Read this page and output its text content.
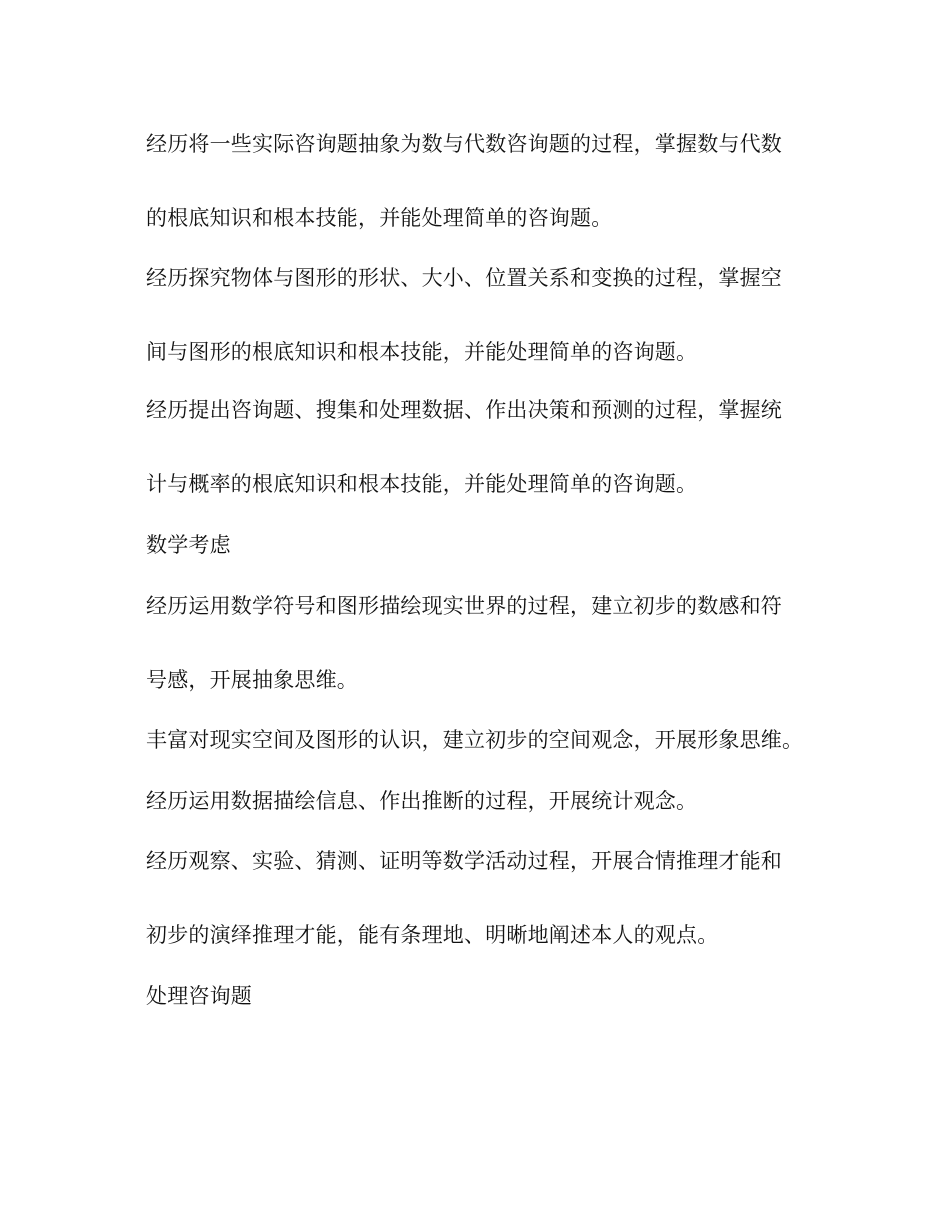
经历将一些实际咨询题抽象为数与代数咨询题的过程，掌握数与代数
的根底知识和根本技能，并能处理简单的咨询题。
经历探究物体与图形的形状、大小、位置关系和变换的过程，掌握空
间与图形的根底知识和根本技能，并能处理简单的咨询题。
经历提出咨询题、搜集和处理数据、作出决策和预测的过程，掌握统
计与概率的根底知识和根本技能，并能处理简单的咨询题。
数学考虑
经历运用数学符号和图形描绘现实世界的过程，建立初步的数感和符
号感，开展抽象思维。
丰富对现实空间及图形的认识，建立初步的空间观念，开展形象思维。
经历运用数据描绘信息、作出推断的过程，开展统计观念。
经历观察、实验、猜测、证明等数学活动过程，开展合情推理才能和
初步的演绎推理才能，能有条理地、明晰地阐述本人的观点。
处理咨询题
